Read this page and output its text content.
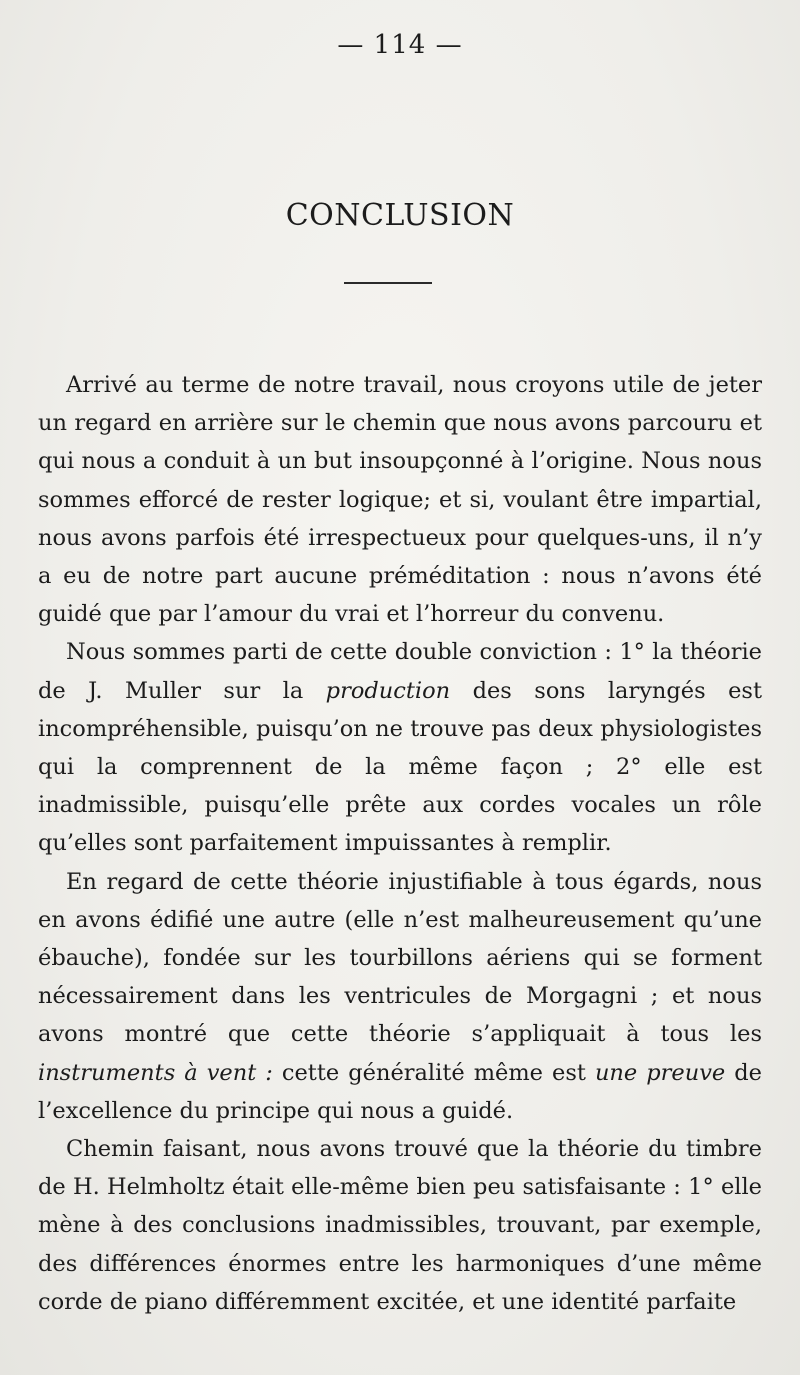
— 114 —
CONCLUSION

Arrivé au terme de notre travail, nous croyons utile de jeter un regard en arrière sur le chemin que nous avons parcouru et qui nous a conduit à un but insoupçonné à l’origine. Nous nous sommes efforcé de rester logique; et si, voulant être impartial, nous avons parfois été irrespectueux pour quelques-uns, il n’y a eu de notre part aucune préméditation : nous n’avons été guidé que par l’amour du vrai et l’horreur du convenu.

Nous sommes parti de cette double conviction : 1° la théorie de J. Muller sur la production des sons laryngés est incompréhensible, puisqu’on ne trouve pas deux physiologistes qui la comprennent de la même façon ; 2° elle est inadmissible, puisqu’elle prête aux cordes vocales un rôle qu’elles sont parfaitement impuissantes à remplir.

En regard de cette théorie injustifiable à tous égards, nous en avons édifié une autre (elle n’est malheureusement qu’une ébauche), fondée sur les tourbillons aériens qui se forment nécessairement dans les ventricules de Morgagni ; et nous avons montré que cette théorie s’appliquait à tous les instruments à vent : cette généralité même est une preuve de l’excellence du principe qui nous a guidé.

Chemin faisant, nous avons trouvé que la théorie du timbre de H. Helmholtz était elle-même bien peu satisfaisante : 1° elle mène à des conclusions inadmissibles, trouvant, par exemple, des différences énormes entre les harmoniques d’une même corde de piano différemment excitée, et une identité parfaite
